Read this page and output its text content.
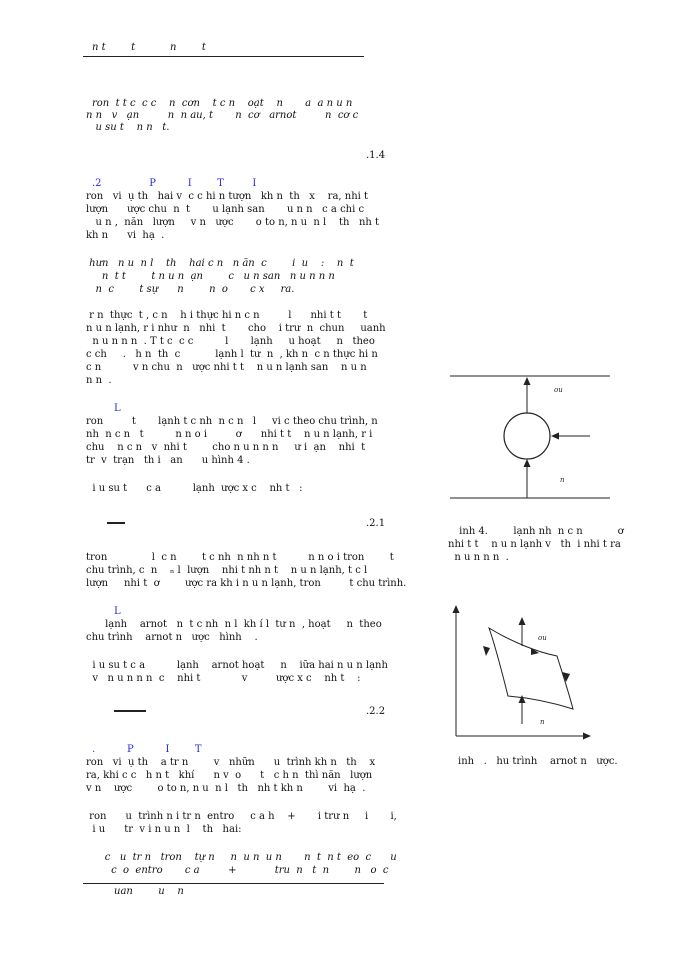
n t        t           n        t
ron  t t c  c c    n  cơn    t c n    oạt    n       a  a n u n
n n   v   ạn         n  n au, t       n  cơ   arnot         n  cơ c
u su t    n n   t.
.1.4
.2               P          I        T         I
ron   vi  ụ th   hai v  c c hi n tượn   kh n  th   x    ra, nhi t
lượn      ược chu  n  t       u lạnh san       u n n   c a chi c
u n ,  năn   lượn     v n   ược       o to n, n u  n l    th   nh t
kh n      vi  hạ  .
hưn   n u  n l    th    hai c n   n ăn  c        i  u    :    n  t
n  t t        t n u n  ạn        c   u n san   n u n n n
n  c        t sự      n        n  o       c x     ra.
r n  thực  t , c n    h i thực hi n c n         l      nhi t t       t
n u n lạnh, r i như  n   nhi  t       cho    i trư  n  chun     uanh
n u n n n  . T t c  c c          l       lạnh     u hoạt     n   theo
c ch     .   h n  th  c           lạnh l  tư  n  , kh n  c n thực hi n
c n          v n chu  n   ược nhi t t    n u n lạnh san    n u n
n n  .
L
ron         t       lạnh t c nh  n c n   l     vi c theo chu trình, n
nh  n c n   t          n n o i         ơ      nhi t t    n u n lạnh, r i
chu    n c n   v  nhi t        cho n u n n n     ư i  ạn    nhi  t
tr  v  trạn   th i   an      u hình 4 .
i u su t      c a          lạnh  ược x c    nh t   :
.2.1
tron              l  c n        t c nh  n nh n t          n n o i tron        t
chu trình, c  n    ₙ l  lượn    nhi t nh n t    n u n lạnh, t c l
lượn     nhi t  ơ        ược ra kh i n u n lạnh, tron         t chu trình.
L
lạnh    arnot   n  t c nh  n l  kh í l  tư n  , hoạt     n  theo
chu trình    arnot n   ược   hình    .
i u su t c a          lạnh    arnot hoạt     n    iữa hai n u n lạnh
v   n u n n n  c    nhi t             v         ược x c    nh t    :
.2.2
.          P          I        T
ron   vi  ụ th    a tr n        v   nhữn      u  trình kh n   th    x
ra, khi c c   h n t   khí      n v  o      t   c h n  thì năn   lượn
v n    ược        o to n, n u  n l   th   nh t kh n        vi  hạ  .
ron      u  trình n i tr n  entro     c a h    +       i trư n     i       i,
i u      tr  v i n u n  l    th   hai:
c   u  tr n   tron    tự n     n  u n  u n       n  t  n t  eo  c      u
c  o  entro       c a         +            tru  n   t  n        n   o  c
uan        u    n
ou
n
inh 4.        lạnh nh  n c n           ơ
nhi t t    n u n lạnh v   th  i nhi t ra
n u n n n  .
ou
n
inh   .   hu trình    arnot n   ược.
